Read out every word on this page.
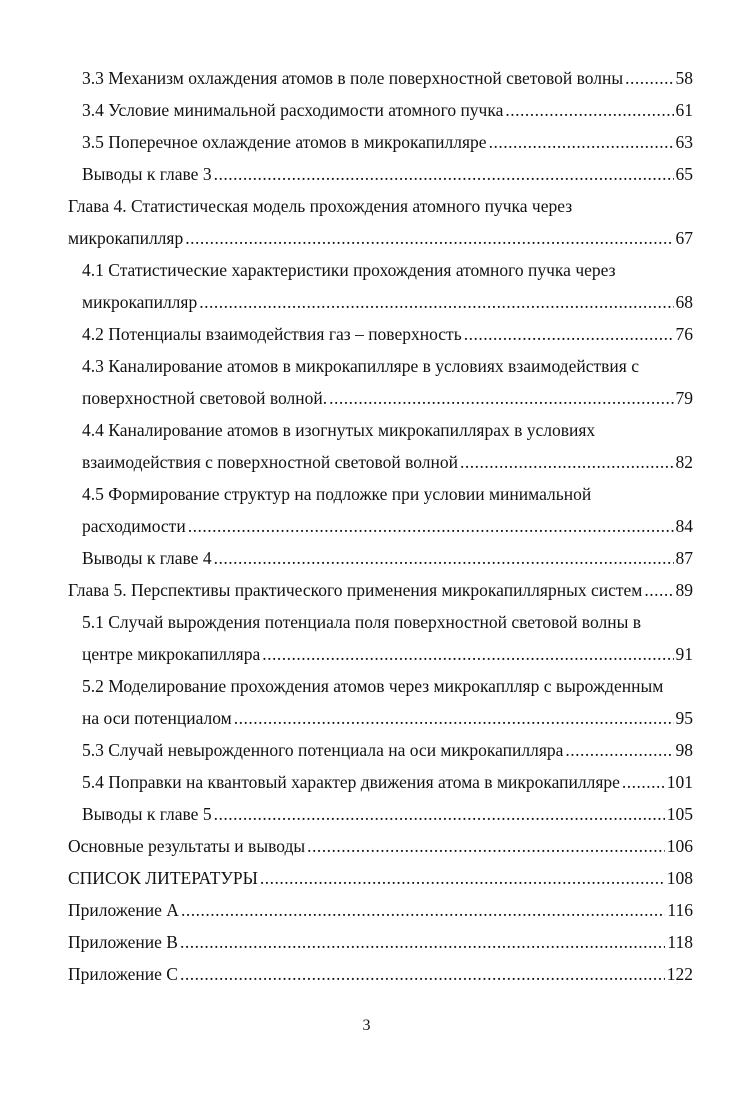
3.3 Механизм охлаждения атомов в поле поверхностной световой волны .....	58
3.4 Условие минимальной расходимости атомного пучка .....	61
3.5 Поперечное охлаждение атомов в микрокапилляре .....	63
Выводы к главе 3 .....	65
Глава 4. Статистическая модель прохождения атомного пучка через
микрокапилляр .....	67
4.1 Статистические характеристики прохождения атомного пучка через
микрокапилляр .....	68
4.2 Потенциалы взаимодействия газ – поверхность .....	76
4.3 Каналирование атомов в микрокапилляре в условиях взаимодействия с
поверхностной световой волной. .....	79
4.4 Каналирование атомов в изогнутых микрокапиллярах в условиях
взаимодействия с поверхностной световой волной .....	82
4.5 Формирование структур на подложке при условии минимальной
расходимости .....	84
Выводы к главе 4 .....	87
Глава 5. Перспективы практического применения микрокапиллярных систем ..... 89
5.1 Случай вырождения потенциала поля поверхностной световой волны в
центре микрокапилляра .....	91
5.2 Моделирование прохождения атомов через микрокаплляр с вырожденным
на оси потенциалом .....	95
5.3 Случай невырожденного потенциала на оси микрокапилляра .....	98
5.4 Поправки на квантовый характер движения атома в микрокапилляре .....	101
Выводы к главе 5 .....	105
Основные результаты и выводы .....	106
СПИСОК ЛИТЕРАТУРЫ .....	108
Приложение А .....	116
Приложение В .....	118
Приложение С .....	122
3
